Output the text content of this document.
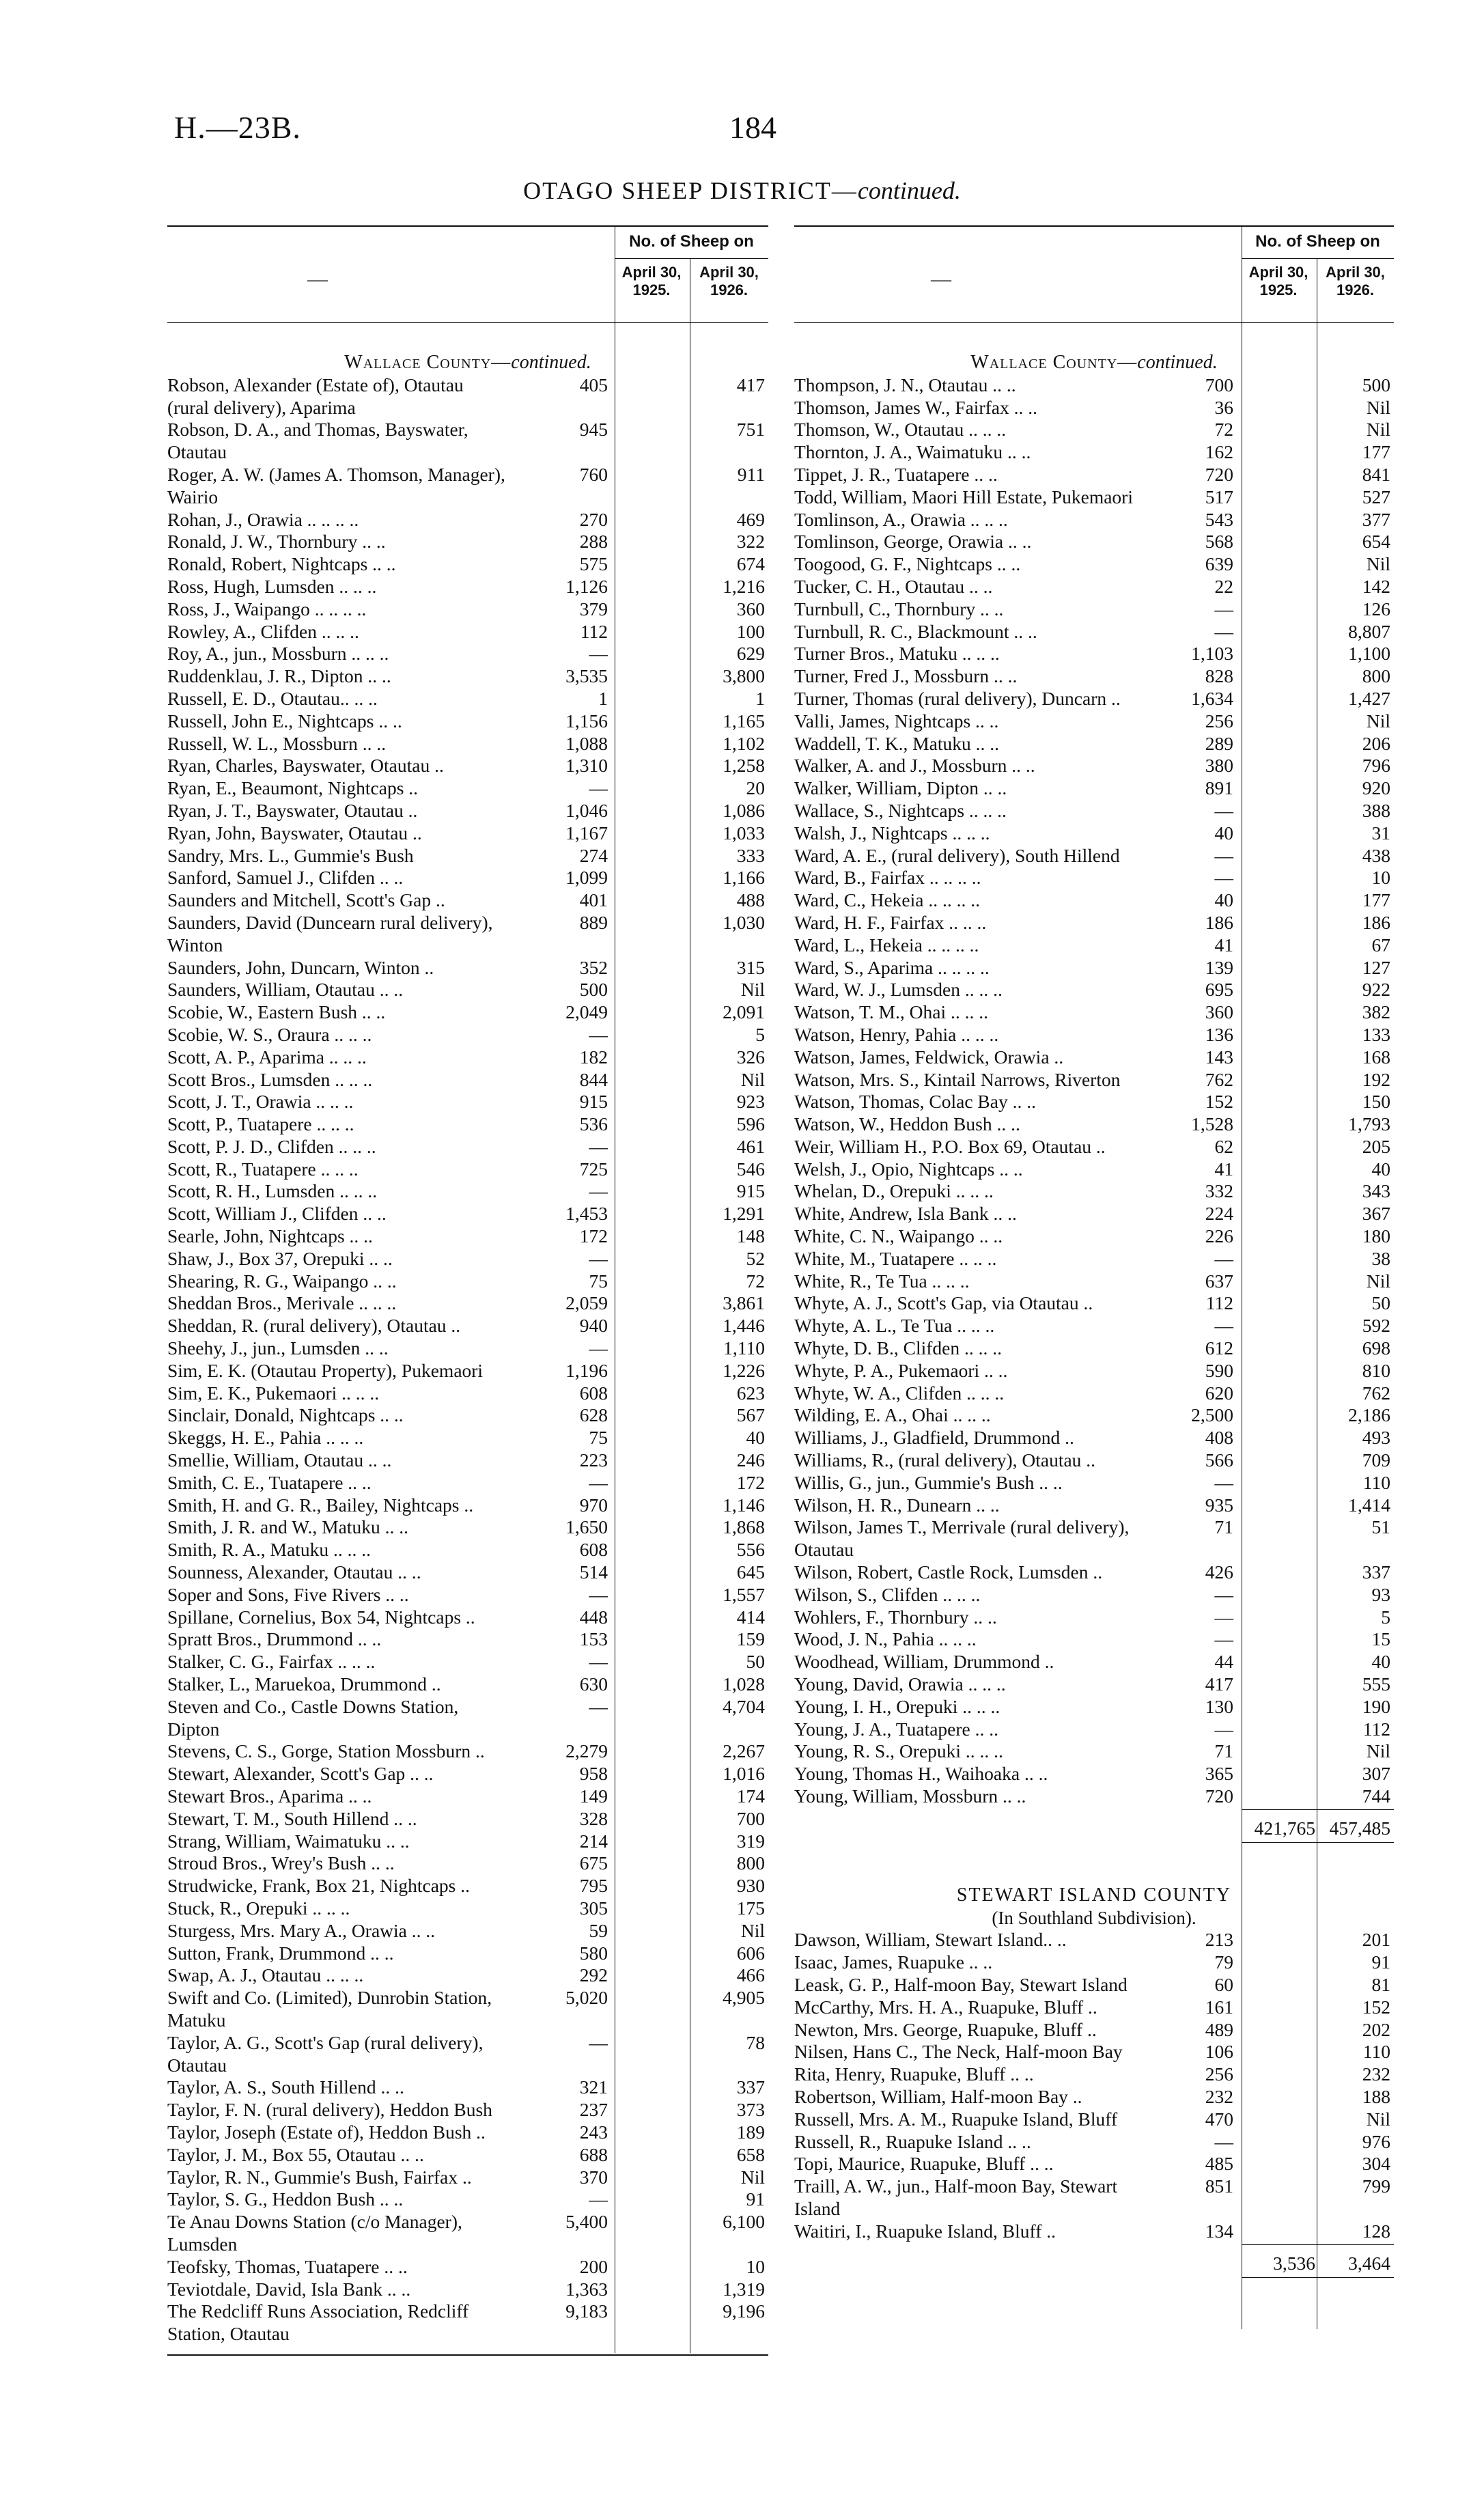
H.—23B.	184
OTAGO SHEEP DISTRICT—continued.
—
No. of Sheep on
April 30, 1925.
April 30, 1926.
Wallace County—continued.
Robson, Alexander (Estate of), Otautau
(rural delivery), Aparima
405	417
Robson, D. A., and Thomas, Bayswater,
Otautau
945	751
Roger, A. W. (James A. Thomson, Manager),
Wairio
760	911
Rohan, J., Orawia .. .. .. ..	270	469
Ronald, J. W., Thornbury .. ..	288	322
Ronald, Robert, Nightcaps .. ..	575	674
Ross, Hugh, Lumsden .. .. ..	1,126	1,216
Ross, J., Waipango .. .. .. ..	379	360
Rowley, A., Clifden .. .. ..	112	100
Roy, A., jun., Mossburn .. .. ..	—	629
Ruddenklau, J. R., Dipton .. ..	3,535	3,800
Russell, E. D., Otautau.. .. ..	1	1
Russell, John E., Nightcaps .. ..	1,156	1,165
Russell, W. L., Mossburn .. ..	1,088	1,102
Ryan, Charles, Bayswater, Otautau ..	1,310	1,258
Ryan, E., Beaumont, Nightcaps ..	—	20
Ryan, J. T., Bayswater, Otautau ..	1,046	1,086
Ryan, John, Bayswater, Otautau ..	1,167	1,033
Sandry, Mrs. L., Gummie's Bush	274	333
Sanford, Samuel J., Clifden .. ..	1,099	1,166
Saunders and Mitchell, Scott's Gap ..	401	488
Saunders, David (Duncearn rural delivery),
Winton
889	1,030
Saunders, John, Duncarn, Winton ..	352	315
Saunders, William, Otautau .. ..	500	Nil
Scobie, W., Eastern Bush .. ..	2,049	2,091
Scobie, W. S., Oraura .. .. ..	—	5
Scott, A. P., Aparima .. .. ..	182	326
Scott Bros., Lumsden .. .. ..	844	Nil
Scott, J. T., Orawia .. .. ..	915	923
Scott, P., Tuatapere .. .. ..	536	596
Scott, P. J. D., Clifden .. .. ..	—	461
Scott, R., Tuatapere .. .. ..	725	546
Scott, R. H., Lumsden .. .. ..	—	915
Scott, William J., Clifden .. ..	1,453	1,291
Searle, John, Nightcaps .. ..	172	148
Shaw, J., Box 37, Orepuki .. ..	—	52
Shearing, R. G., Waipango .. ..	75	72
Sheddan Bros., Merivale .. .. ..	2,059	3,861
Sheddan, R. (rural delivery), Otautau ..	940	1,446
Sheehy, J., jun., Lumsden .. ..	—	1,110
Sim, E. K. (Otautau Property), Pukemaori	1,196	1,226
Sim, E. K., Pukemaori .. .. ..	608	623
Sinclair, Donald, Nightcaps .. ..	628	567
Skeggs, H. E., Pahia .. .. ..	75	40
Smellie, William, Otautau .. ..	223	246
Smith, C. E., Tuatapere .. ..	—	172
Smith, H. and G. R., Bailey, Nightcaps ..	970	1,146
Smith, J. R. and W., Matuku .. ..	1,650	1,868
Smith, R. A., Matuku .. .. ..	608	556
Sounness, Alexander, Otautau .. ..	514	645
Soper and Sons, Five Rivers .. ..	—	1,557
Spillane, Cornelius, Box 54, Nightcaps ..	448	414
Spratt Bros., Drummond .. ..	153	159
Stalker, C. G., Fairfax .. .. ..	—	50
Stalker, L., Maruekoa, Drummond ..	630	1,028
Steven and Co., Castle Downs Station,
Dipton
—	4,704
Stevens, C. S., Gorge, Station Mossburn ..	2,279	2,267
Stewart, Alexander, Scott's Gap .. ..	958	1,016
Stewart Bros., Aparima .. ..	149	174
Stewart, T. M., South Hillend .. ..	328	700
Strang, William, Waimatuku .. ..	214	319
Stroud Bros., Wrey's Bush .. ..	675	800
Strudwicke, Frank, Box 21, Nightcaps ..	795	930
Stuck, R., Orepuki .. .. ..	305	175
Sturgess, Mrs. Mary A., Orawia .. ..	59	Nil
Sutton, Frank, Drummond .. ..	580	606
Swap, A. J., Otautau .. .. ..	292	466
Swift and Co. (Limited), Dunrobin Station,
Matuku
5,020	4,905
Taylor, A. G., Scott's Gap (rural delivery),
Otautau
—	78
Taylor, A. S., South Hillend .. ..	321	337
Taylor, F. N. (rural delivery), Heddon Bush	237	373
Taylor, Joseph (Estate of), Heddon Bush ..	243	189
Taylor, J. M., Box 55, Otautau .. ..	688	658
Taylor, R. N., Gummie's Bush, Fairfax ..	370	Nil
Taylor, S. G., Heddon Bush .. ..	—	91
Te Anau Downs Station (c/o Manager),
Lumsden
5,400	6,100
Teofsky, Thomas, Tuatapere .. ..	200	10
Teviotdale, David, Isla Bank .. ..	1,363	1,319
The Redcliff Runs Association, Redcliff
Station, Otautau
9,183	9,196
—
No. of Sheep on
April 30, 1925.
April 30, 1926.
Wallace County—continued.
Thompson, J. N., Otautau .. ..	700	500
Thomson, James W., Fairfax .. ..	36	Nil
Thomson, W., Otautau .. .. ..	72	Nil
Thornton, J. A., Waimatuku .. ..	162	177
Tippet, J. R., Tuatapere .. ..	720	841
Todd, William, Maori Hill Estate, Pukemaori	517	527
Tomlinson, A., Orawia .. .. ..	543	377
Tomlinson, George, Orawia .. ..	568	654
Toogood, G. F., Nightcaps .. ..	639	Nil
Tucker, C. H., Otautau .. ..	22	142
Turnbull, C., Thornbury .. ..	—	126
Turnbull, R. C., Blackmount .. ..	—	8,807
Turner Bros., Matuku .. .. ..	1,103	1,100
Turner, Fred J., Mossburn .. ..	828	800
Turner, Thomas (rural delivery), Duncarn ..	1,634	1,427
Valli, James, Nightcaps .. ..	256	Nil
Waddell, T. K., Matuku .. ..	289	206
Walker, A. and J., Mossburn .. ..	380	796
Walker, William, Dipton .. ..	891	920
Wallace, S., Nightcaps .. .. ..	—	388
Walsh, J., Nightcaps .. .. ..	40	31
Ward, A. E., (rural delivery), South Hillend	—	438
Ward, B., Fairfax .. .. .. ..	—	10
Ward, C., Hekeia .. .. .. ..	40	177
Ward, H. F., Fairfax .. .. ..	186	186
Ward, L., Hekeia .. .. .. ..	41	67
Ward, S., Aparima .. .. .. ..	139	127
Ward, W. J., Lumsden .. .. ..	695	922
Watson, T. M., Ohai .. .. ..	360	382
Watson, Henry, Pahia .. .. ..	136	133
Watson, James, Feldwick, Orawia ..	143	168
Watson, Mrs. S., Kintail Narrows, Riverton	762	192
Watson, Thomas, Colac Bay .. ..	152	150
Watson, W., Heddon Bush .. ..	1,528	1,793
Weir, William H., P.O. Box 69, Otautau ..	62	205
Welsh, J., Opio, Nightcaps .. ..	41	40
Whelan, D., Orepuki .. .. ..	332	343
White, Andrew, Isla Bank .. ..	224	367
White, C. N., Waipango .. ..	226	180
White, M., Tuatapere .. .. ..	—	38
White, R., Te Tua .. .. ..	637	Nil
Whyte, A. J., Scott's Gap, via Otautau ..	112	50
Whyte, A. L., Te Tua .. .. ..	—	592
Whyte, D. B., Clifden .. .. ..	612	698
Whyte, P. A., Pukemaori .. ..	590	810
Whyte, W. A., Clifden .. .. ..	620	762
Wilding, E. A., Ohai .. .. ..	2,500	2,186
Williams, J., Gladfield, Drummond ..	408	493
Williams, R., (rural delivery), Otautau ..	566	709
Willis, G., jun., Gummie's Bush .. ..	—	110
Wilson, H. R., Dunearn .. ..	935	1,414
Wilson, James T., Merrivale (rural delivery),
Otautau
71	51
Wilson, Robert, Castle Rock, Lumsden ..	426	337
Wilson, S., Clifden .. .. ..	—	93
Wohlers, F., Thornbury .. ..	—	5
Wood, J. N., Pahia .. .. ..	—	15
Woodhead, William, Drummond ..	44	40
Young, David, Orawia .. .. ..	417	555
Young, I. H., Orepuki .. .. ..	130	190
Young, J. A., Tuatapere .. ..	—	112
Young, R. S., Orepuki .. .. ..	71	Nil
Young, Thomas H., Waihoaka .. ..	365	307
Young, William, Mossburn .. ..	720	744
421,765 457,485
STEWART ISLAND COUNTY
(In Southland Subdivision).
Dawson, William, Stewart Island.. ..	213	201
Isaac, James, Ruapuke .. ..	79	91
Leask, G. P., Half-moon Bay, Stewart Island	60	81
McCarthy, Mrs. H. A., Ruapuke, Bluff ..	161	152
Newton, Mrs. George, Ruapuke, Bluff ..	489	202
Nilsen, Hans C., The Neck, Half-moon Bay	106	110
Rita, Henry, Ruapuke, Bluff .. ..	256	232
Robertson, William, Half-moon Bay ..	232	188
Russell, Mrs. A. M., Ruapuke Island, Bluff	470	Nil
Russell, R., Ruapuke Island .. ..	—	976
Topi, Maurice, Ruapuke, Bluff .. ..	485	304
Traill, A. W., jun., Half-moon Bay, Stewart
Island
851	799
Waitiri, I., Ruapuke Island, Bluff ..	134	128
3,536 3,464
